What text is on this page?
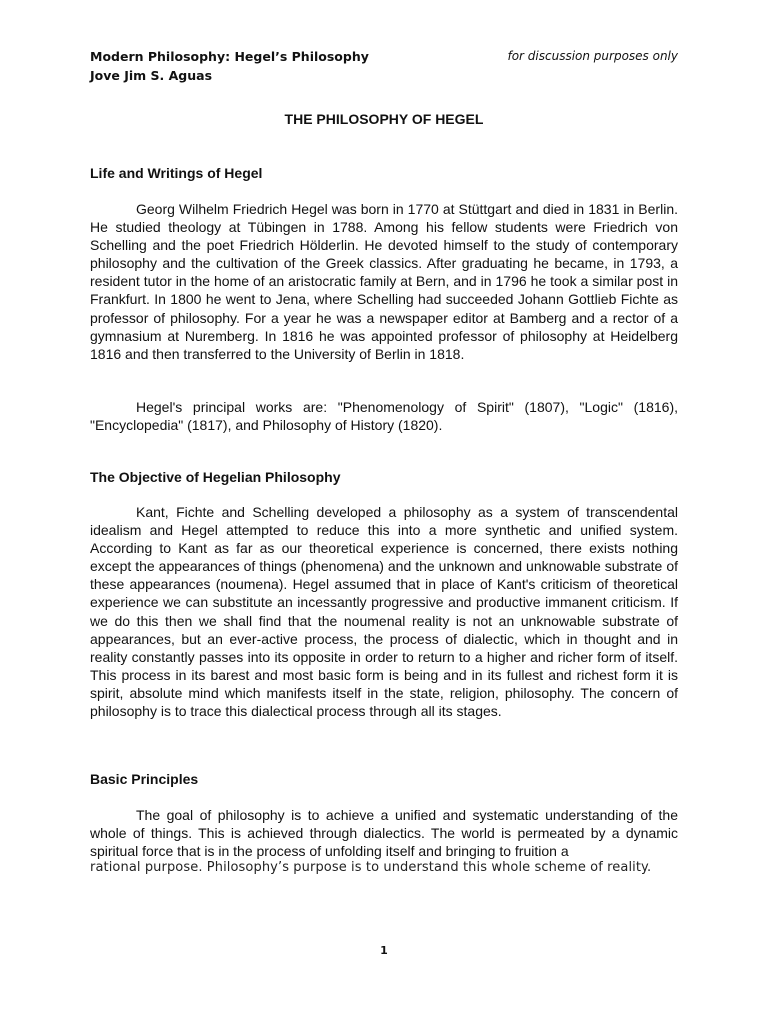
Modern Philosophy: Hegel’s Philosophy
Jove Jim S. Aguas
for discussion purposes only
THE PHILOSOPHY OF HEGEL
Life and Writings of Hegel

Georg Wilhelm Friedrich Hegel was born in 1770 at Stüttgart and died in 1831 in Berlin. He studied theology at Tübingen in 1788. Among his fellow students were Friedrich von Schelling and the poet Friedrich Hölderlin. He devoted himself to the study of contemporary philosophy and the cultivation of the Greek classics. After graduating he became, in 1793, a resident tutor in the home of an aristocratic family at Bern, and in 1796 he took a similar post in Frankfurt. In 1800 he went to Jena, where Schelling had succeeded Johann Gottlieb Fichte as professor of philosophy. For a year he was a newspaper editor at Bamberg and a rector of a gymnasium at Nuremberg. In 1816 he was appointed professor of philosophy at Heidelberg 1816 and then transferred to the University of Berlin in 1818.

Hegel's principal works are: "Phenomenology of Spirit" (1807), "Logic" (1816), "Encyclopedia" (1817), and Philosophy of History (1820).

The Objective of Hegelian Philosophy

Kant, Fichte and Schelling developed a philosophy as a system of transcendental idealism and Hegel attempted to reduce this into a more synthetic and unified system. According to Kant as far as our theoretical experience is concerned, there exists nothing except the appearances of things (phenomena) and the unknown and unknowable substrate of these appearances (noumena). Hegel assumed that in place of Kant's criticism of theoretical experience we can substitute an incessantly progressive and productive immanent criticism. If we do this then we shall find that the noumenal reality is not an unknowable substrate of appearances, but an ever-active process, the process of dialectic, which in thought and in reality constantly passes into its opposite in order to return to a higher and richer form of itself. This process in its barest and most basic form is being and in its fullest and richest form it is spirit, absolute mind which manifests itself in the state, religion, philosophy. The concern of philosophy is to trace this dialectical process through all its stages.

Basic Principles

The goal of philosophy is to achieve a unified and systematic understanding of the whole of things. This is achieved through dialectics. The world is permeated by a dynamic spiritual force that is in the process of unfolding itself and bringing to fruition a

rational purpose. Philosophy’s purpose is to understand this whole scheme of reality.
1
